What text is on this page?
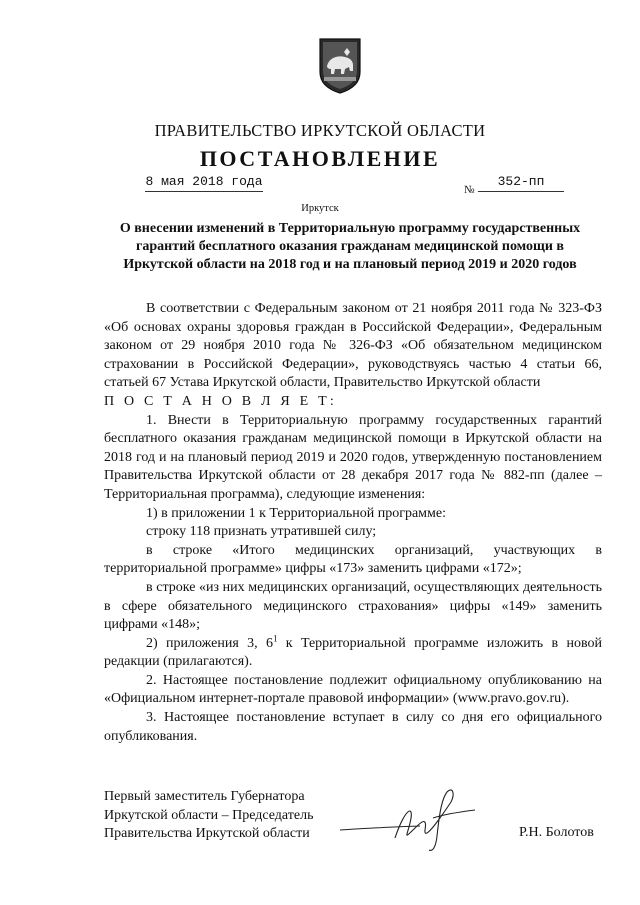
ПРАВИТЕЛЬСТВО ИРКУТСКОЙ ОБЛАСТИ
ПОСТАНОВЛЕНИЕ
8 мая 2018 года
№
352-пп
Иркутск
О внесении изменений в Территориальную программу государственных гарантий бесплатного оказания гражданам медицинской помощи в Иркутской области на 2018 год и на плановый период 2019 и 2020 годов

В соответствии с Федеральным законом от 21 ноября 2011 года № 323-ФЗ «Об основах охраны здоровья граждан в Российской Федерации», Федеральным законом от 29 ноября 2010 года № 326-ФЗ «Об обязательном медицинском страховании в Российской Федерации», руководствуясь частью 4 статьи 66, статьей 67 Устава Иркутской области, Правительство Иркутской области

П О С Т А Н О В Л Я Е Т:

1. Внести в Территориальную программу государственных гарантий бесплатного оказания гражданам медицинской помощи в Иркутской области на 2018 год и на плановый период 2019 и 2020 годов, утвержденную постановлением Правительства Иркутской области от 28 декабря 2017 года № 882-пп (далее – Территориальная программа), следующие изменения:

1) в приложении 1 к Территориальной программе:

строку 118 признать утратившей силу;

в строке «Итого медицинских организаций, участвующих в территориальной программе» цифры «173» заменить цифрами «172»;

в строке «из них медицинских организаций, осуществляющих деятельность в сфере обязательного медицинского страхования» цифры «149» заменить цифрами «148»;

2) приложения 3, $6^1$ к Территориальной программе изложить в новой редакции (прилагаются).

2. Настоящее постановление подлежит официальному опубликованию на «Официальном интернет-портале правовой информации» (www.pravo.gov.ru).

3. Настоящее постановление вступает в силу со дня его официального опубликования.

Первый заместитель Губернатора
Иркутской области – Председатель
Правительства Иркутской области	Р.Н. Болотов
